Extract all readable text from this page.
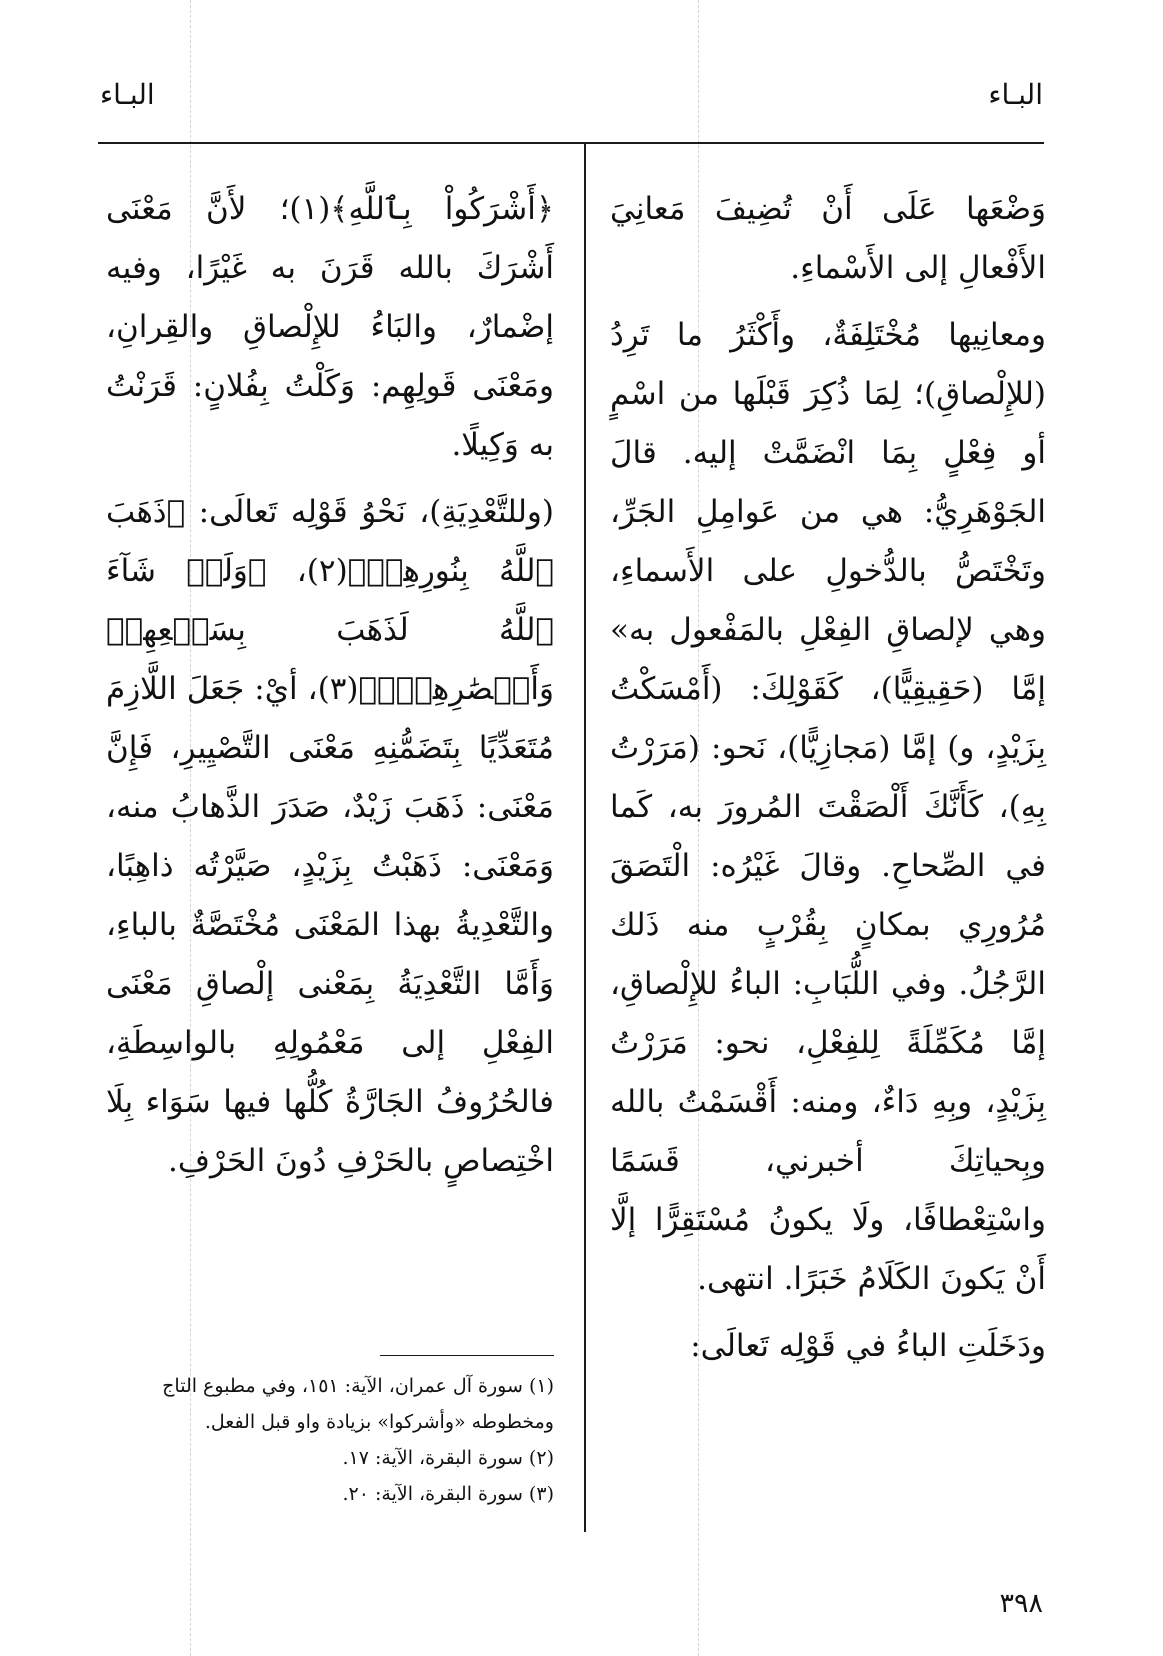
البـاء
البـاء

وَضْعَها عَلَى أَنْ تُضِيفَ مَعانِيَ الأَفْعالِ إلى الأَسْماءِ.

ومعانِيها مُخْتَلِفَةٌ، وأَكْثَرُ ما تَرِدُ (للإِلْصاقِ)؛ لِمَا ذُكِرَ قَبْلَها من اسْمٍ أو فِعْلٍ بِمَا انْضَمَّتْ إليه. قالَ الجَوْهَرِيُّ: هي من عَوامِلِ الجَرِّ، وتَخْتَصُّ بالدُّخولِ على الأَسماءِ، وهي لإلصاقِ الفِعْلِ بالمَفْعول به» إمَّا (حَقِيقِيًّا)، كَقَوْلِكَ: (أَمْسَكْتُ بِزَيْدٍ، و) إمَّا (مَجازِيًّا)، نَحو: (مَرَرْتُ بِهِ)، كَأَنَّكَ أَلْصَقْتَ المُرورَ به، كَما في الصِّحاحِ. وقالَ غَيْرُه: الْتَصَقَ مُرُورِي بمكانٍ بِقُرْبٍ منه ذَلك الرَّجُلُ. وفي اللُّبَابِ: الباءُ للإِلْصاقِ، إمَّا مُكَمِّلَةً لِلفِعْلِ، نحو: مَرَرْتُ بِزَيْدٍ، وبِهِ دَاءٌ، ومنه: أَقْسَمْتُ بالله وبِحياتِكَ أخبرني، قَسَمًا واسْتِعْطافًا، ولَا يكونُ مُسْتَقِرًّا إلَّا أَنْ يَكونَ الكَلَامُ خَبَرًا. انتهى.

ودَخَلَتِ الباءُ في قَوْلِه تَعالَى:

﴿أَشْرَكُواْ بِٱللَّهِ﴾(١)؛ لأَنَّ مَعْنَى أَشْرَكَ بالله قَرَنَ به غَيْرًا، وفيه إضْمارٌ، والبَاءُ للإِلْصاقِ والقِرانِ، ومَعْنَى قَولِهِم: وَكَلْتُ بِفُلانٍ: قَرَنْتُ به وَكِيلًا.

(وللتَّعْدِيَةِ)، نَحْوُ قَوْلِه تَعالَى: ﴿ذَهَبَ ٱللَّهُ بِنُورِهِمۡ﴾(٢)، ﴿وَلَوۡ شَآءَ ٱللَّهُ لَذَهَبَ بِسَمۡعِهِمۡ وَأَبۡصَٰرِهِمۡۚ﴾(٣)، أيْ: جَعَلَ اللَّازِمَ مُتَعَدِّيًا بِتَضَمُّنِهِ مَعْنَى التَّصْيِيرِ، فَإِنَّ مَعْنَى: ذَهَبَ زَيْدٌ، صَدَرَ الذَّهابُ منه، وَمَعْنَى: ذَهَبْتُ بِزَيْدٍ، صَيَّرْتُه ذاهِبًا، والتَّعْدِيةُ بهذا المَعْنَى مُخْتَصَّةٌ بالباءِ، وَأَمَّا التَّعْدِيَةُ بِمَعْنى إلْصاقِ مَعْنَى الفِعْلِ إلى مَعْمُولِهِ بالواسِطَةِ، فالحُرُوفُ الجَارَّةُ كُلُّها فيها سَوَاء بِلَا اخْتِصاصٍ بالحَرْفِ دُونَ الحَرْفِ.

(١) سورة آل عمران، الآية: ١٥١، وفي مطبوع التاج ومخطوطه «وأشركوا» بزيادة واو قبل الفعل.

(٢) سورة البقرة، الآية: ١٧.

(٣) سورة البقرة، الآية: ٢٠.

٣٩٨
